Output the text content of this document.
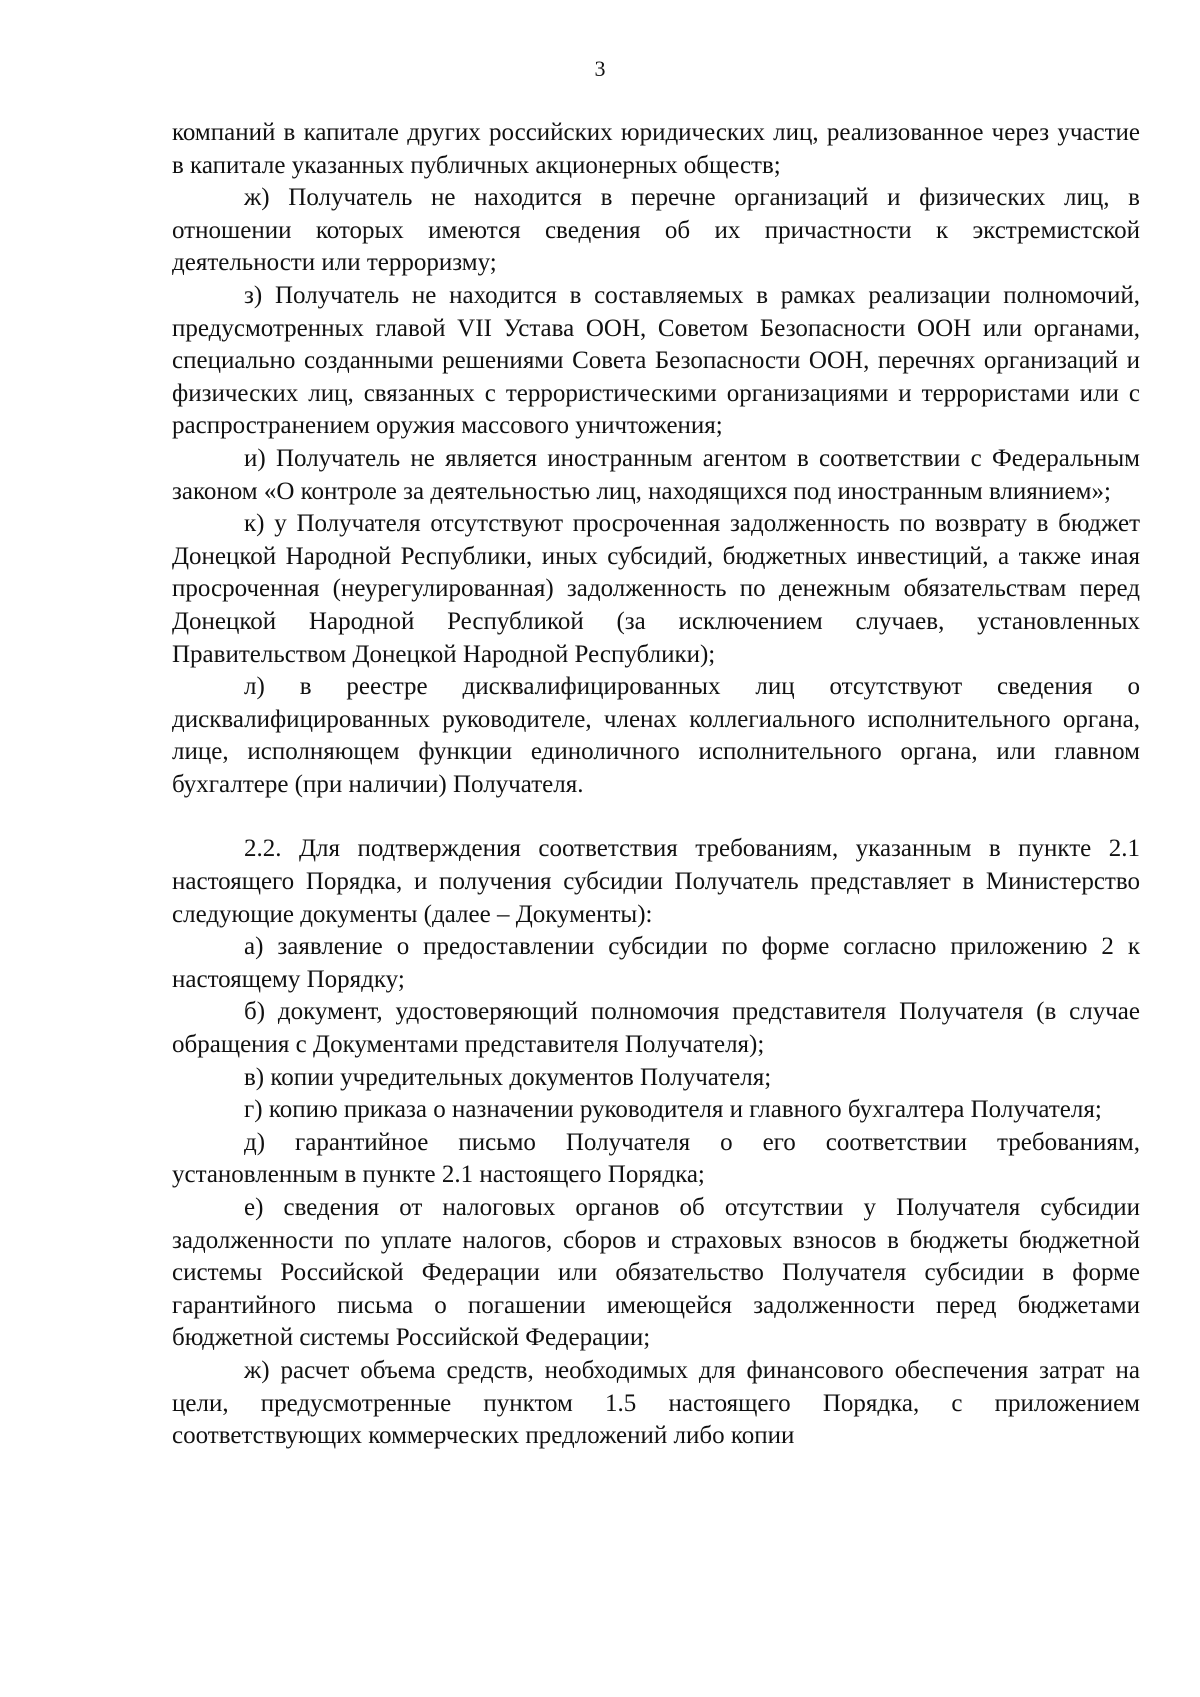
3

компаний в капитале других российских юридических лиц, реализованное через участие в капитале указанных публичных акционерных обществ;

ж) Получатель не находится в перечне организаций и физических лиц, в отношении которых имеются сведения об их причастности к экстремистской деятельности или терроризму;

з) Получатель не находится в составляемых в рамках реализации полномочий, предусмотренных главой VII Устава ООН, Советом Безопасности ООН или органами, специально созданными решениями Совета Безопасности ООН, перечнях организаций и физических лиц, связанных с террористическими организациями и террористами или с распространением оружия массового уничтожения;

и) Получатель не является иностранным агентом в соответствии с Федеральным законом «О контроле за деятельностью лиц, находящихся под иностранным влиянием»;

к) у Получателя отсутствуют просроченная задолженность по возврату в бюджет Донецкой Народной Республики, иных субсидий, бюджетных инвестиций, а также иная просроченная (неурегулированная) задолженность по денежным обязательствам перед Донецкой Народной Республикой (за исключением случаев, установленных Правительством Донецкой Народной Республики);

л) в реестре дисквалифицированных лиц отсутствуют сведения о дисквалифицированных руководителе, членах коллегиального исполнительного органа, лице, исполняющем функции единоличного исполнительного органа, или главном бухгалтере (при наличии) Получателя.

2.2. Для подтверждения соответствия требованиям, указанным в пункте 2.1 настоящего Порядка, и получения субсидии Получатель представляет в Министерство следующие документы (далее – Документы):

а) заявление о предоставлении субсидии по форме согласно приложению 2 к настоящему Порядку;

б) документ, удостоверяющий полномочия представителя Получателя (в случае обращения с Документами представителя Получателя);

в) копии учредительных документов Получателя;

г) копию приказа о назначении руководителя и главного бухгалтера Получателя;

д) гарантийное письмо Получателя о его соответствии требованиям, установленным в пункте 2.1 настоящего Порядка;

е) сведения от налоговых органов об отсутствии у Получателя субсидии задолженности по уплате налогов, сборов и страховых взносов в бюджеты бюджетной системы Российской Федерации или обязательство Получателя субсидии в форме гарантийного письма о погашении имеющейся задолженности перед бюджетами бюджетной системы Российской Федерации;

ж) расчет объема средств, необходимых для финансового обеспечения затрат на цели, предусмотренные пунктом 1.5 настоящего Порядка, с приложением соответствующих коммерческих предложений либо копии
